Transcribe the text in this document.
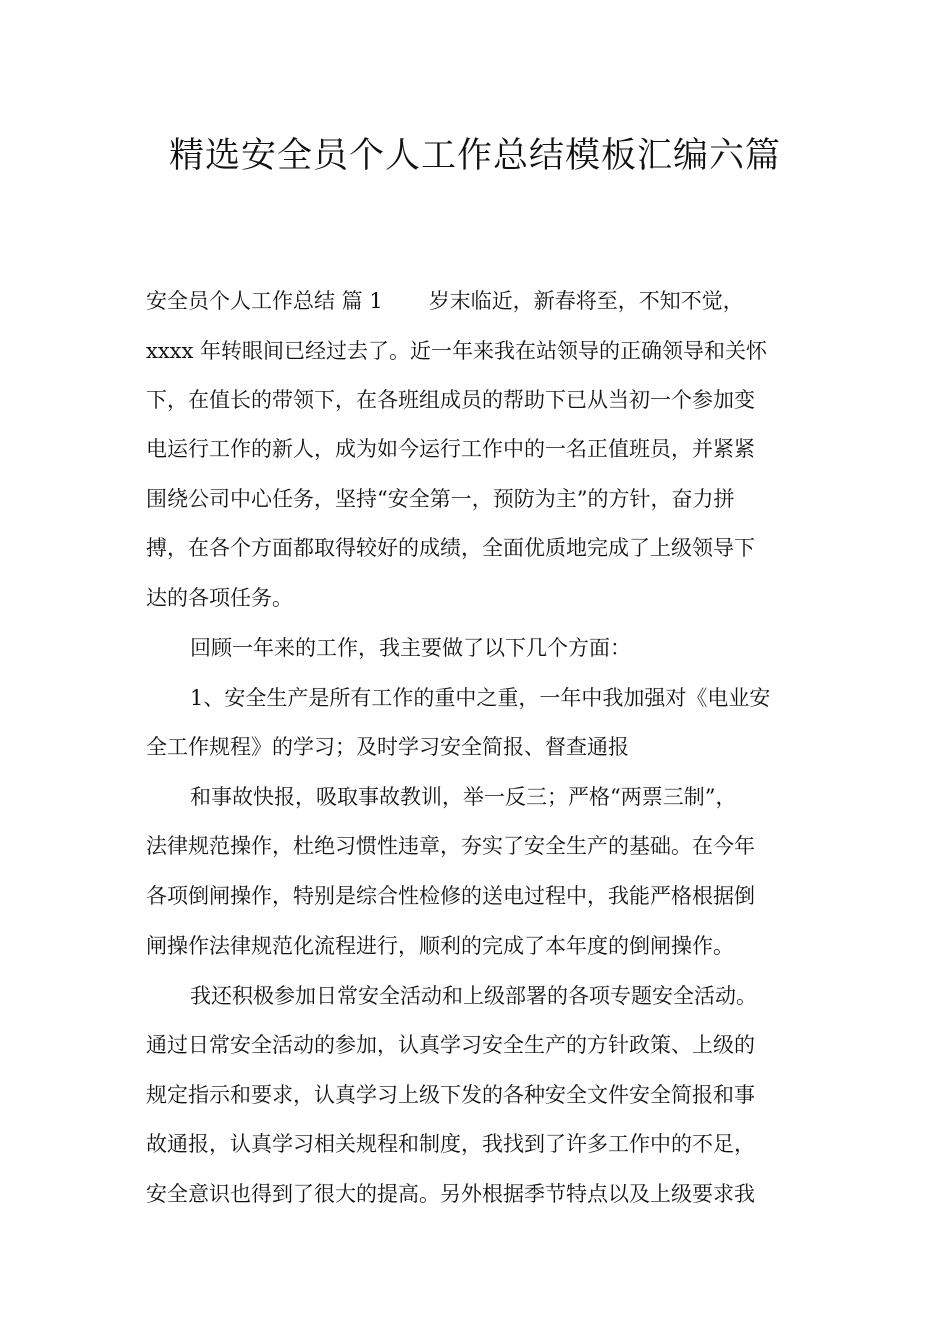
精选安全员个人工作总结模板汇编六篇
安全员个人工作总结 篇 1 岁末临近，新春将至，不知不觉，
xxxx 年转眼间已经过去了。近一年来我在站领导的正确领导和关怀
下，在值长的带领下，在各班组成员的帮助下已从当初一个参加变
电运行工作的新人，成为如今运行工作中的一名正值班员，并紧紧
围绕公司中心任务，坚持“安全第一，预防为主”的方针，奋力拼
搏，在各个方面都取得较好的成绩，全面优质地完成了上级领导下
达的各项任务。
回顾一年来的工作，我主要做了以下几个方面：
1、安全生产是所有工作的重中之重，一年中我加强对《电业安
全工作规程》的学习；及时学习安全简报、督查通报
和事故快报，吸取事故教训，举一反三；严格“两票三制”，
法律规范操作，杜绝习惯性违章，夯实了安全生产的基础。在今年
各项倒闸操作，特别是综合性检修的送电过程中，我能严格根据倒
闸操作法律规范化流程进行，顺利的完成了本年度的倒闸操作。
我还积极参加日常安全活动和上级部署的各项专题安全活动。
通过日常安全活动的参加，认真学习安全生产的方针政策、上级的
规定指示和要求，认真学习上级下发的各种安全文件安全简报和事
故通报，认真学习相关规程和制度，我找到了许多工作中的不足，
安全意识也得到了很大的提高。另外根据季节特点以及上级要求我
